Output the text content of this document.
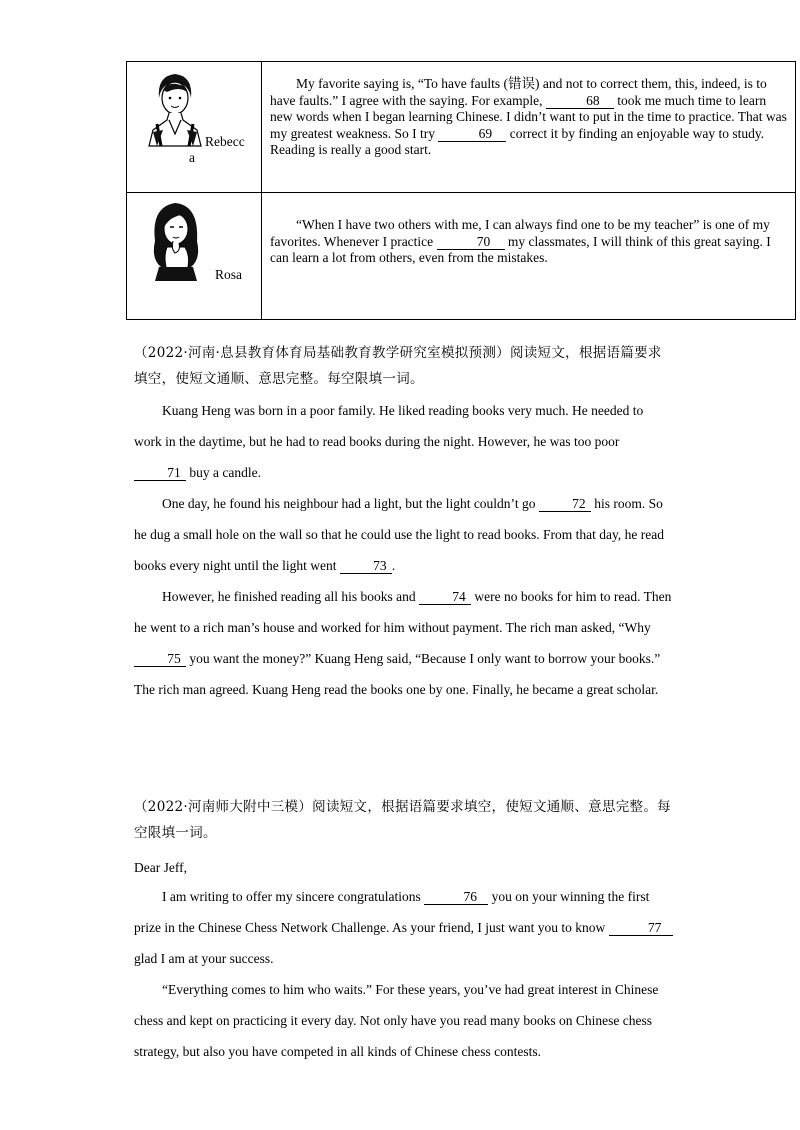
Rebecc
a	My favorite saying is, “To have faults (错误) and not to correct them, this, indeed, is to have faults.” I agree with the saying. For example, 68 took me much time to learn new words when I began learning Chinese. I didn’t want to put in the time to practice. That was my greatest weakness. So I try 69 correct it by finding an enjoyable way to study. Reading is really a good start.

Rosa	“When I have two others with me, I can always find one to be my teacher” is one of my favorites. Whenever I practice 70 my classmates, I will think of this great saying. I can learn a lot from others, even from the mistakes.

（2022·河南·息县教育体育局基础教育教学研究室模拟预测）阅读短文，根据语篇要求填空，使短文通顺、意思完整。每空限填一词。

Kuang Heng was born in a poor family. He liked reading books very much. He needed to work in the daytime, but he had to read books during the night. However, he was too poor 71 buy a candle.

One day, he found his neighbour had a light, but the light couldn’t go	72 his room. So he dug a small hole on the wall so that he could use the light to read books. From that day, he read books every night until the light went	73 .

However, he finished reading all his books and	74 were no books for him to read. Then he went to a rich man’s house and worked for him without payment. The rich man asked, “Why 75 you want the money?” Kuang Heng said, “Because I only want to borrow your books.” The rich man agreed. Kuang Heng read the books one by one. Finally, he became a great scholar.

（2022·河南师大附中三模）阅读短文，根据语篇要求填空，使短文通顺、意思完整。每空限填一词。
Dear Jeff,

I am writing to offer my sincere congratulations	76 you on your winning the first prize in the Chinese Chess Network Challenge. As your friend, I just want you to know	77 glad I am at your success.

“Everything comes to him who waits.” For these years, you’ve had great interest in Chinese chess and kept on practicing it every day. Not only have you read many books on Chinese chess strategy, but also you have competed in all kinds of Chinese chess contests.
